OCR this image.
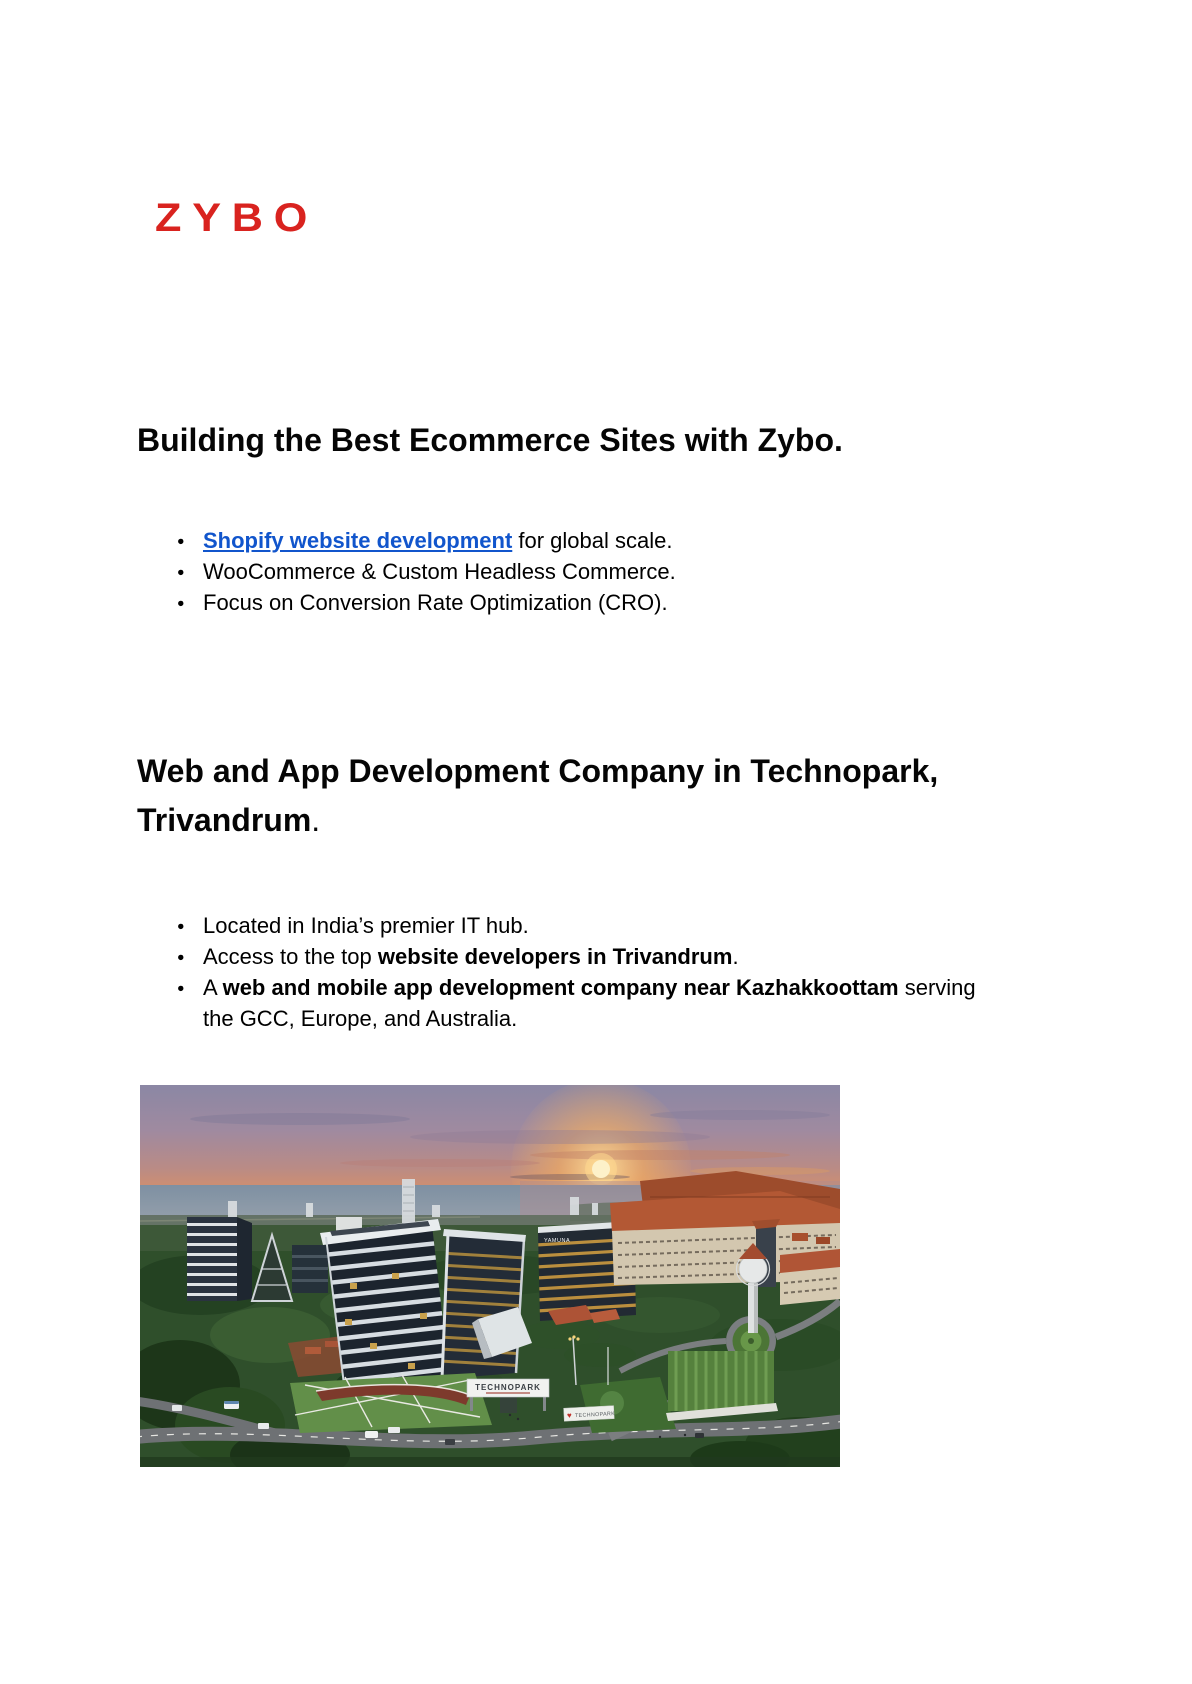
ZYBO
Building the Best Ecommerce Sites with Zybo.
● Shopify website development for global scale.
● WooCommerce & Custom Headless Commerce.
● Focus on Conversion Rate Optimization (CRO).
Web and App Development Company in Technopark,
Trivandrum.
● Located in India’s premier IT hub.
● Access to the top website developers in Trivandrum.
● A web and mobile app development company near Kazhakkoottam serving the GCC, Europe, and Australia.
YAMUNA
TECHNOPARK
♥ TECHNOPARK
